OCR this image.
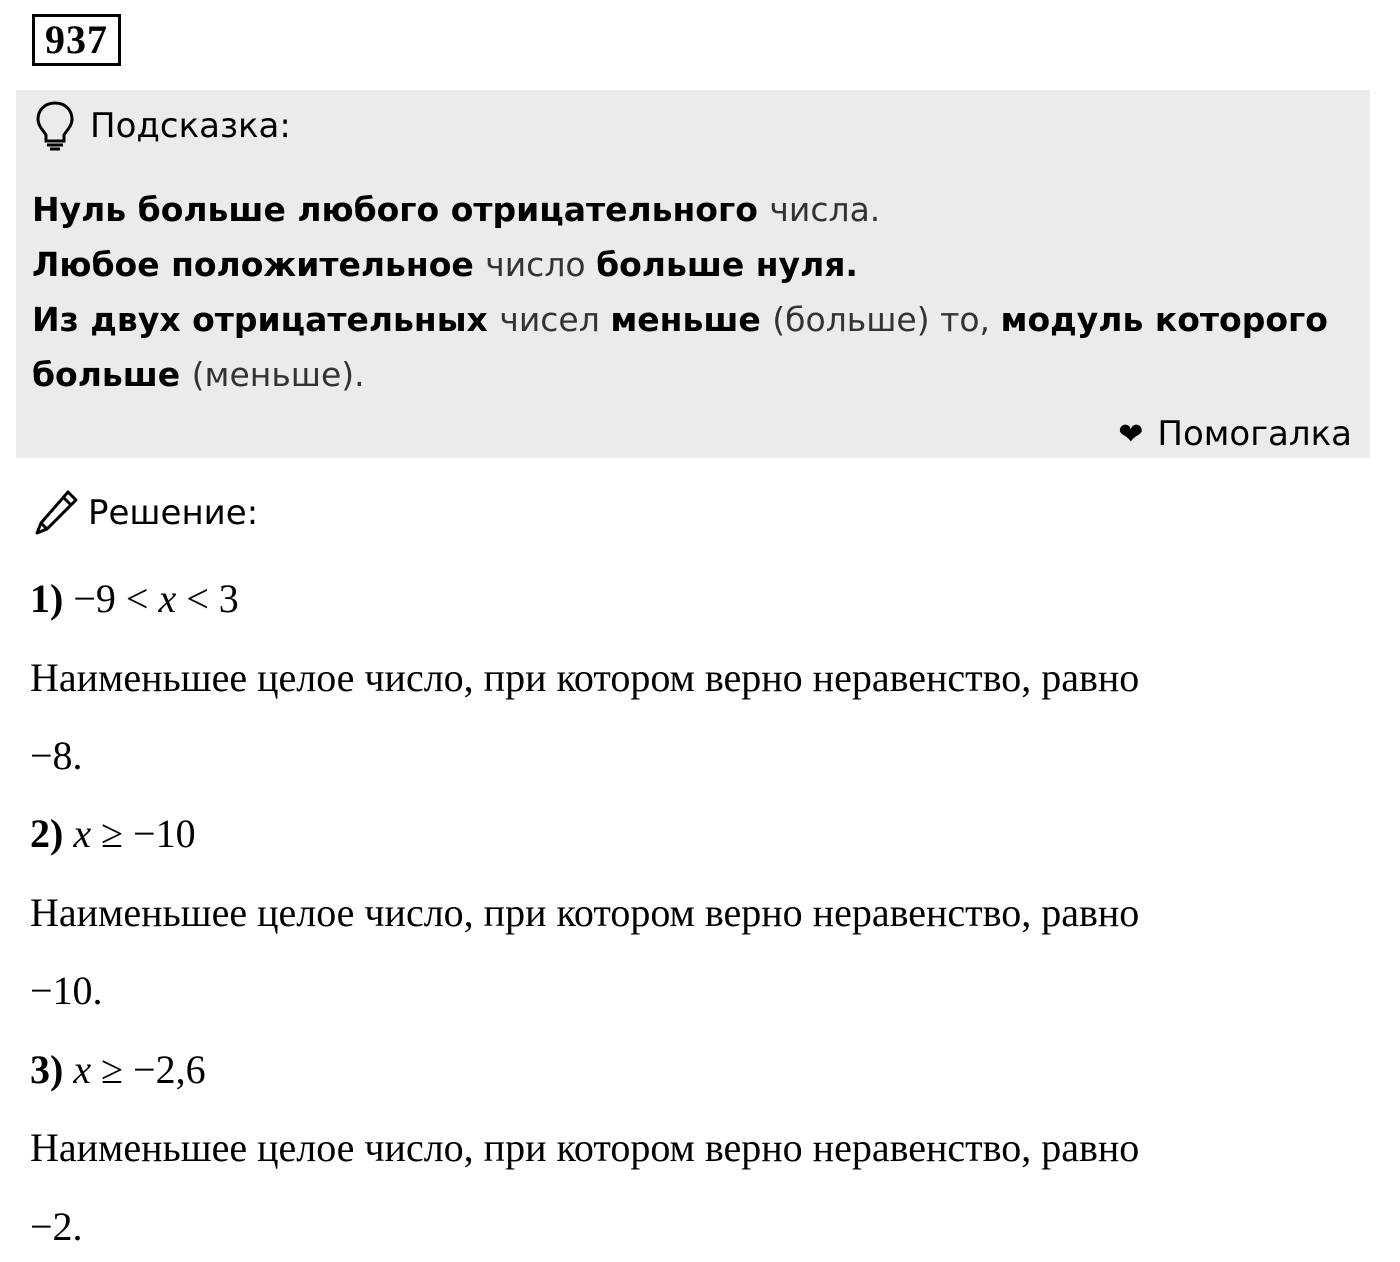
937
Подсказка:
Нуль больше любого отрицательного числа.
Любое положительное число больше нуля.
Из двух отрицательных чисел меньше (больше) то, модуль которого
больше (меньше).
❤ Помогалка
Решение:
1) −9 < x < 3
Наименьшее целое число, при котором верно неравенство, равно
−8.
2) x ≥ −10
Наименьшее целое число, при котором верно неравенство, равно
−10.
3) x ≥ −2,6
Наименьшее целое число, при котором верно неравенство, равно
−2.
